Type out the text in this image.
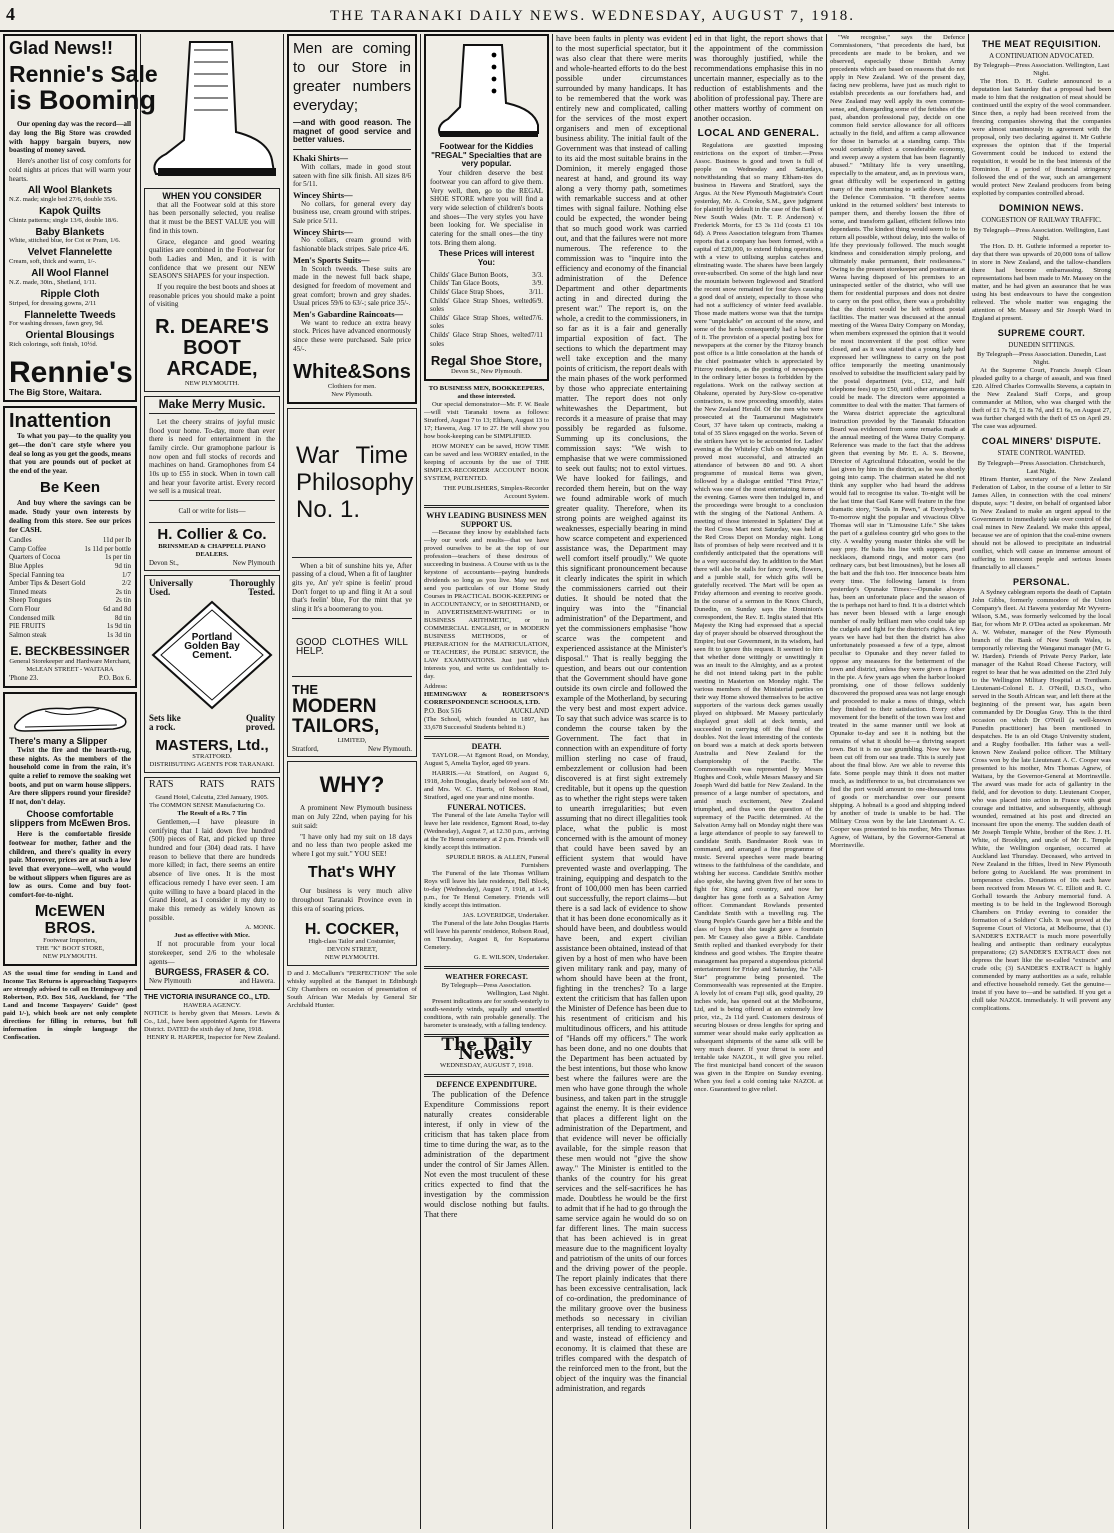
4	THE TARANAKI DAILY NEWS. WEDNESDAY, AUGUST 7, 1918.
Glad News!!
Rennie's Sale
is Booming

Our opening day was the record—all day long the Big Store was crowded with happy bargain buyers, now boasting of money saved.

Here's another list of cosy comforts for cold nights at prices that will warm your hearts.

All Wool Blankets
N.Z. made; single bed 27/6, double 35/6.
Kapok Quilts
Chintz patterns; single 13/6, double 18/6.
Baby Blankets
White, stitched blue, for Cot or Pram, 1/6.
Velvet Flannelette
Cream, soft, thick and warm, 1/-.
All Wool Flannel
N.Z. made, 30in., Shetland, 1/11.
Ripple Cloth
Striped, for dressing gowns, 2/11
Flannelette Tweeds
For washing dresses, fawn grey, 9d.
Oriental Blousings
Rich colorings, soft finish, 10½d.
Rennie's
The Big Store, Waitara.
Inattention

To what you pay—to the quality you get—the don't care style where you deal so long as you get the goods, means that you are pounds out of pocket at the end of the year.

Be Keen

And buy where the savings can be made. Study your own interests by dealing from this store. See our prices for CASH.

Candles	11d per lb
Camp Coffee	1s 11d per bottle
Quarters of Cocoa	1s per tin
Blue Apples	9d tin
Special Fanning tea	1/7
Amber Tips & Desert Gold	2/2
Tinned meats	2s tin
Sheep Tongues	2s tin
Corn Flour	6d and 8d
Condensed milk	8d tin
PIE FRUITS	1s 9d tin
Salmon steak	1s 3d tin
E. BECKBESSINGER
General Storekeeper and Hardware Merchant,
McLEAN STREET - WAITARA
'Phone 23.	P.O. Box 6.
There's many a Slipper

Twixt the fire and the hearth-rug, these nights. As the members of the household come in from the rain, it's quite a relief to remove the soaking wet boots, and put on warm house slippers. Are there slippers round your fireside? If not, don't delay.

Choose comfortable slippers from McEwen Bros.

Here is the comfortable fireside footwear for mother, father and the children, and there's quality in every pair. Moreover, prices are at such a low level that everyone—well, who would be without slippers when figures are as low as ours. Come and buy foot-comfort-for-to-night.

McEWEN BROS.
Footwear Importers,
THE "K" BOOT STORE,
NEW PLYMOUTH.
AS the usual time for sending in Land and Income Tax Returns is approaching Taxpayers are strongly advised to call on Hemingway and Robertson, P.O. Box 516, Auckland, for "The Land and Income Taxpayers' Guide" (post paid 1/-), which book are not only complete directions for filling in returns, but full information in simple language the Confiscation.
WHEN YOU CONSIDER

that all the Footwear sold at this store has been personally selected, you realise that it must be the BEST VALUE you will find in this town.

Grace, elegance and good wearing qualities are combined in the Footwear for both Ladies and Men, and it is with confidence that we present our NEW SEASON'S SHAPES for your inspection.

If you require the best boots and shoes at reasonable prices you should make a point of visiting

R. DEARE'S
BOOT
ARCADE,
NEW PLYMOUTH.
Make Merry Music.

Let the cheery strains of joyful music flood your home. To-day, more than ever there is need for entertainment in the family circle. Our gramophone parlour is now open and full stocks of records and machines on hand. Gramophones from £4 10s up to £55 in stock. When in town call and hear your favorite artist. Every record we sell is a musical treat.

Call or write for lists—
H. Collier & Co.
BRINSMEAD & CHAPPELL PIANO DEALERS.
Devon St.,	New Plymouth
Universally	Thoroughly
Used.	Tested.
Portland
Golden Bay
Cement.
Sets like	Quality
a rock.	proved.
MASTERS, Ltd.,
STRATFORD.
DISTRIBUTING AGENTS FOR TARANAKI.
RATS	RATS	RATS
Grand Hotel, Calcutta, 23rd January, 1905.
The COMMON SENSE Manufacturing Co.
The Result of a Rs. 7 Tin

Gentlemen,—I have pleasure in certifying that I laid down five hundred (500) pieces of Rat, and picked up three hundred and four (304) dead rats. I have reason to believe that there are hundreds more killed; in fact, there seems an entire absence of live ones. It is the most efficacious remedy I have ever seen. I am quite willing to have a board placed in the Grand Hotel, as I consider it my duty to make this remedy as widely known as possible.

A. MONK.
Just as effective with Mice.

If not procurable from your local storekeeper, send 2/6 to the wholesale agents—

BURGESS, FRASER & CO.
New Plymouth	and Hawera.
THE VICTORIA INSURANCE CO., LTD.
HAWERA AGENCY.
NOTICE is hereby given that Messrs. Lewis & Co., Ltd., have been appointed Agents for Hawera District. DATED the sixth day of June, 1918.
HENRY R. HARPER, Inspector for New Zealand.
Men are coming to our Store in greater numbers everyday;
—and with good reason. The magnet of good service and better values.
Khaki Shirts—

With collars, made in good stout sateen with fine silk finish. All sizes 8/6 for 5/11.

Wincey Shirts—

No collars, for general every day business use, cream ground with stripes. Sale price 5/11.

Wincey Shirts—

No collars, cream ground with fashionable black stripes. Sale price 4/6.

Men's Sports Suits—

In Scotch tweeds. These suits are made in the newest full back shape, designed for freedom of movement and great comfort; brown and grey shades. Usual prices 59/6 to 63/-; sale price 35/-.

Men's Gabardine Raincoats—

We want to reduce an extra heavy stock. Prices have advanced enormously since these were purchased. Sale price 45/-.

White&Sons
Clothiers for men.
New Plymouth.
War Time Philosophy No. 1.

When a bit of sunshine hits ye, After passing of a cloud, When a fit of laughter gits ye, An' ye'r spine is feelin' proud Don't forget to up and fling it At a soul that's feelin' blue, For the mint that ye sling it It's a boomerang to you.

GOOD CLOTHES WILL HELP.
THE
MODERN
TAILORS,
LIMITED,
Stratford,	New Plymouth.
WHY?

A prominent New Plymouth business man on July 22nd, when paying for his suit said:

"I have only had my suit on 18 days and no less than two people asked me where I got my suit." YOU SEE!

That's WHY

Our business is very much alive throughout Taranaki Province even in this era of soaring prices.

H. COCKER,
High-class Tailor and Costumier,
DEVON STREET,
NEW PLYMOUTH.
D and J. McCallum's "PERFECTION" The sole whisky supplied at the Banquet in Edinburgh City Chambers on occasion of presentation of South African War Medals by General Sir Archibald Hunter.
Footwear for the Kiddies
"REGAL" Specialties that are very popular.

Your children deserve the best footwear you can afford to give them. Very well, then, go to the REGAL SHOE STORE where you will find a very wide selection of children's boots and shoes—The very styles you have been looking for. We specialise in catering for the small ones—the tiny tots. Bring them along.

These Prices will interest You:
Childs' Glace Button Boots,	3/3.
Childs' Tan Glace Boots,	3/9.
Childs' Glace Strap Shoes,	3/11.
Childs' Glace Strap Shoes, welted soles
6/9.
Childs' Glace Strap Shoes, welted soles
7/6.
Childs' Glace Strap Shoes, welted soles
7/11
Regal Shoe Store,
Devon St., New Plymouth.
TO BUSINESS MEN, BOOKKEEPERS, and those interested.

Our special demonstrator—Mr. F. W. Beale—will visit Taranaki towns as follows: Stratford, August 7 to 13; Eltham, August 13 to 17; Hawera, Aug. 17 to 27. He will show you how book-keeping can be SIMPLIFIED.

HOW MONEY can be saved, HOW TIME can be saved and less WORRY entailed, in the keeping of accounts by the use of THE SIMPLEX-RECORDER ACCOUNT BOOK SYSTEM, PATENTED.

THE PUBLISHERS, Simplex-Recorder Account System.
WHY LEADING BUSINESS MEN SUPPORT US.

—Because they know by established facts—by our work and results—that we have proved ourselves to be at the top of our profession—teachers of these desirous of succeeding in business. A Course with us is the keystone of accountants—paying hundreds dividends so long as you live. May we not send you particulars of our Home Study Courses in PRACTICAL BOOK-KEEPING or in ACCOUNTANCY, or in SHORTHAND, or in ADVERTISEMENT-WRITING or in BUSINESS ARITHMETIC, or in COMMERCIAL ENGLISH, or in MODERN BUSINESS METHODS, or of PREPARATION for the MATRICULATION, or TEACHERS', the PUBLIC SERVICE, the LAW EXAMINATIONS. Just just which interests you, and write us confidentially to-day.

Address:
HEMINGWAY & ROBERTSON'S CORRESPONDENCE SCHOOLS, LTD.
P.O. Box 516	AUCKLAND
(The School, which founded in 1897, has 33,678 Successful Students behind it.)
DEATH.

TAYLOR.—At Egmont Road, on Monday, August 5, Amelia Taylor, aged 69 years.

HARRIS.—At Stratford, on August 6, 1918, John Douglas, dearly beloved son of Mr. and Mrs. W. C. Harris, of Robson Road, Stratford, aged one year and nine months.

FUNERAL NOTICES.

The Funeral of the late Amelia Taylor will leave her late residence, Egmont Road, to-day (Wednesday), August 7, at 12.30 p.m., arriving at the Te Henui cemetery at 2 p.m. Friends will kindly accept this intimation.

SPURDLE BROS. & ALLEN, Funeral Furnishers

The Funeral of the late Thomas William Roys will leave his late residence, Bell Block, to-day (Wednesday), August 7, 1918, at 1.45 p.m., for Te Henui Cemetery. Friends will kindly accept this intimation.

JAS. LOVERIDGE, Undertaker.

The Funeral of the late John Douglas Harris will leave his parents' residence, Robson Road, on Thursday, August 8, for Kopuatama Cemetery.

G. E. WILSON, Undertaker.
WEATHER FORECAST.
By Telegraph—Press Association.
Wellington, Last Night.

Present indications are for south-westerly to south-westerly winds, squally and unsettled conditions, with rain probable generally. The barometer is unsteady, with a falling tendency.

The Daily News.
WEDNESDAY, AUGUST 7, 1918.
DEFENCE EXPENDITURE.

The publication of the Defence Expenditure Commissions report naturally creates considerable interest, if only in view of the criticism that has taken place from time to time during the war, as to the administration of the department under the control of Sir James Allen. Not even the most truculent of these critics expected to find that the investigation by the commission would disclose nothing but faults. That there

have been faults in plenty was evident to the most superficial spectator, but it was also clear that there were merits and whole-hearted efforts to do the best possible under circumstances surrounded by many handicaps. It has to be remembered that the work was entirely new and complicated, calling for the services of the most expert organisers and men of exceptional business ability. The initial fault of the Government was that instead of calling to its aid the most suitable brains in the Dominion, it merely engaged those nearest at hand, and ground its way along a very thorny path, sometimes with remarkable success and at other times with signal failure. Nothing else could be expected, the wonder being that so much good work was carried out, and that the failures were not more numerous. The reference to the commission was to "inquire into the efficiency and economy of the financial administration of the Defence Department and other departments acting in and directed during the present war." The report is, on the whole, a credit to the commissioners, in so far as it is a fair and generally impartial exposition of fact. The sections to which the department may well take exception and the many points of criticism, the report deals with the main phases of the work performed by those who appreciate entertaining matter. The report does not only whitewashes the Department, but records it a measure of praise that may possibly be regarded as fulsome. Summing up its conclusions, the commission says: "We wish to emphasise that we were commissioned to seek out faults; not to extol virtues. We have looked for failings, and recorded them herein, but on the way we found admirable work of much greater quality. Therefore, when its strong points are weighed against its weaknesses, especially bearing in mind how scarce competent and experienced assistance was, the Department may well comfort itself proudly." We quote this significant pronouncement because it clearly indicates the spirit in which the commissioners carried out their duties. It should be noted that the inquiry was into the "financial administration" of the Department, and yet the commissioners emphasise "how scarce was the competent and experienced assistance at the Minister's disposal." That is really begging the question, and bears out our contention that the Government should have gone outside its own circle and followed the example of the Motherland, by securing the very best and most expert advice. To say that such advice was scarce is to condemn the course taken by the Government. The fact that in connection with an expenditure of forty million sterling no case of fraud, embezzlement or collusion had been discovered is at first sight extremely creditable, but it opens up the question as to whether the right steps were taken to unearth irregularities; but even assuming that no direct illegalities took place, what the public is most concerned with is the amount of money that could have been saved by an efficient system that would have prevented waste and overlapping. The training, equipping and despatch to the front of 100,000 men has been carried out successfully, the report claims—but there is a sad lack of evidence to show that it has been done economically as it should have been, and doubtless would have been, and expert civilian assistance been obtained, instead of that given by a host of men who have been given military rank and pay, many of whom should have been at the front, fighting in the trenches? To a large extent the criticism that has fallen upon the Minister of Defence has been due to his resentment of criticism and his multitudinous officers, and his attitude of "Hands off my officers." The work has been done, and no one doubts that the Department has been actuated by the best intentions, but those who know best where the failures were are the men who have gone through the whole business, and taken part in the struggle against the enemy. It is their evidence that places a different light on the administration of the Department, and that evidence will never be officially available, for the simple reason that these men would not "give the show away." The Minister is entitled to the thanks of the country for his great services and the self-sacrifices he has made. Doubtless he would be the first to admit that if he had to go through the same service again he would do so on far different lines. The main success that has been achieved is in great measure due to the magnificent loyalty and patriotism of the units of our forces and the driving power of the people. The report plainly indicates that there has been excessive centralisation, lack of co-ordination, the predominance of the military groove over the business methods so necessary in civilian enterprises, all tending to extravagance and waste, instead of efficiency and economy. It is claimed that these are trifles compared with the despatch of the reinforced men to the front, but the object of the inquiry was the financial administration, and regards

ed in that light, the report shows that the appointment of the commission was thoroughly justified, while the recommendations emphasise this in no uncertain manner, especially as to the reduction of establishments and the abolition of professional pay. There are other matters worthy of comment on another occasion.

LOCAL AND GENERAL.

Regulations are gazetted imposing restrictions on the export of timber.—Press Assoc. Business is good and town is full of people on Wednesday and Saturdays, notwithstanding that so many Eltham-ites do business in Hawera and Stratford, says the Argus. At the New Plymouth Magistrate's Court yesterday, Mr. A. Crooke, S.M., gave judgment for plaintiff by default in the case of the Bank of New South Wales (Mr. T. P. Anderson) v. Frederick Morris, for £3 3s 11d (costs £1 10s 6d). A Press Association telegram from Thames reports that a company has been formed, with a capital of £20,000, to extend fishing operations, with a view to utilising surplus catches and eliminating waste. The shares have been largely over-subscribed. On some of the high land near the mountain between Inglewood and Stratford the recent snow remained for four days causing a good deal of anxiety, especially to those who had not a sufficiency of winter feed available. Those made matters worse was that the turnips were "unpickable" on account of the snow, and some of the herds consequently had a bad time of it. The provision of a special posting box for newspapers at the corner by the Fitzroy branch post office is a little consolation at the hands of the chief postmaster which is appreciated by Fitzroy residents, as the posting of newspapers in the ordinary letter boxes is forbidden by the regulations. Work on the railway section at Ohakune, operated by Jury-Slow co-operative contractors, is now proceeding smoothly, states the New Zealand Herald. Of the men who were prosecuted at the Taumarunui Magistrate's Court, 37 have taken up contracts, making a total of 35 Slavs engaged on the works. Seven of the strikers have yet to be accounted for. Ladies' evening at the Whiteley Club on Monday night proved most successful, and attracted an attendance of between 80 and 90. A short programme of musical items was given, followed by a dialogue entitled "First Prize," which was one of the most entertaining items of the evening. Games were then indulged in, and the proceedings were brought to a conclusion with the singing of the National Anthem. A meeting of those interested in Splatters' Day at the Red Cross Mart next Saturday, was held at the Red Cross Depot on Monday night. Long lists of promises of help were received and it is confidently anticipated that the operations will be a very successful day. In addition to the Mart there will also be stalls for fancy work, flowers, and a jumble stall, for which gifts will be gratefully received. The Mart will be open as Friday afternoon and evening to receive goods. In the course of a sermon in the Knox Church, Dunedin, on Sunday says the Dominion's correspondent, the Rev. E. Inglis stated that His Majesty the King had expressed that a special day of prayer should be observed throughout the Empire; but our Government, in its wisdom, had seen fit to ignore this request. It seemed to him that whether done wittingly or unwittingly it was an insult to the Almighty, and as a protest he did not intend taking part in the public meeting in Masterton on Monday night. The various members of the Ministerial parties on their way Home showed themselves to be active supporters of the various deck games usually played on shipboard. Mr Massey particularly displayed great skill at deck tennis, and succeeded in carrying off the final of the doubles. Not the least interesting of the contests on board was a match at deck sports between Australia and New Zealand for the championship of the Pacific. The Commonwealth was represented by Messrs Hughes and Cook, while Messrs Massey and Sir Joseph Ward did battle for New Zealand. In the presence of a large number of spectators, and amid much excitement, New Zealand triumphed, and thus won the question of the supremacy of the Pacific determined. At the Salvation Army hall on Monday night there was a large attendance of people to say farewell to candidate Smith. Bandmaster Rook was in command, and arranged a fine programme of music. Several speeches were made bearing witness to the faithfulness of the candidate, and wishing her success. Candidate Smith's mother also spoke, she having given five of her sons to fight for King and country, and now her daughter has gone forth as a Salvation Army officer. Commandant Rowlands presented Candidate Smith with a travelling rug. The Young People's Guards gave her a Bible and the class of boys that she taught gave a fountain pen. Mr Causey also gave a Bible. Candidate Smith replied and thanked everybody for their kindness and good wishes. The Empire theatre management has prepared a stupendous pictorial entertainment for Friday and Saturday, the "All-Star" programme being presented. The Commonwealth was represented at the Empire. A lovely lot of cream Fuji silk, good quality, 29 inches wide, has opened out at the Melbourne, Ltd, and is being offered at an extremely low price, viz., 2s 11d yard. Customers desirous of securing blouses or dress lengths for spring and summer wear should make early application as subsequent shipments of the same silk will be very much dearer. If your throat is sore and irritable take NAZOL, it will give you relief. The first municipal band concert of the season was given in the Empire on Sunday evening. When you feel a cold coming take NAZOL at once. Guaranteed to give relief.

"We recognise," says the Defence Commissioners, "that precedents die hard, but precedents are made to be broken, and we observed, especially those British Army precedents which are based on reasons that do not apply in New Zealand. We of the present day, facing new problems, have just as much right to establish precedents as our forefathers had, and New Zealand may well apply its own common-sense, and, disregarding some of the fetishes of the past, abandon professional pay, decide on one common field service allowance for all officers actually in the field, and affirm a camp allowance for those in barracks at a standing camp. This would certainly effect a considerable economy, and sweep away a system that has been flagrantly abused." "Military life is very unsettling, especially to the amateur, and, as in previous wars, great difficulty will be experienced in getting many of the men returning to settle down," states the Defence Commission. "It therefore seems unkind in the returned soldiers' best interests to pamper them, and thereby loosen the fibre of some, and transform gallant, efficient fellows into dependants. The kindest thing would seem to be to return all possible, without delay, into the walks of life they previously followed. The much sought kindness and consideration simply prolong, and ultimately make permanent, their restlessness." Owing to the present storekeeper and postmaster at Warea having disposed of his premises to an uninspected settler of the district, who will use them for residential purposes and does not desire to carry on the post office, there was a probability that the district would be left without postal facilities. The matter was discussed at the annual meeting of the Warea Dairy Company on Monday, when members expressed the opinion that it would be most inconvenient if the post office were closed, and as it was stated that a young lady had expressed her willingness to carry on the post office temporarily the meeting unanimously resolved to subsidise the insufficient salary paid by the postal department (viz., £12, and half telephone fees) up to £50, until other arrangements could be made. The directors were appointed a committee to deal with the matter. That farmers of the Warea district appreciate the agricultural instruction provided by the Taranaki Education Board was evidenced from some remarks made at the annual meeting of the Warea Dairy Company. Reference was made to the fact that the address given that evening by Mr. E. A. S. Browne, Director of Agricultural Education, would be the last given by him in the district, as he was shortly going into camp. The chairman stated he did not think any supplier who had heard the address would fail to recognise its value. To-night will be the last time that Gail Kane will feature in the fine dramatic story, "Souls in Pawn," at Everybody's. To-morrow night the popular and vivacious Olive Thomas will star in "Limousine Life." She takes the part of a guileless country girl who goes to the city. A wealthy young master thinks she will be easy prey. He baits his line with suppers, pearl necklaces, diamond rings, and motor cars (no ordinary cars, but best limousines), but he loses all the bait and the fish too. Her innocence beats him every time. The following lament is from yesterday's Opunake Times:—Opunake always has, been an unfortunate place and the season of the is perhaps not hard to find. It is a district which has never been blessed with a large enough number of really brilliant men who could take up the cudgels and fight for the district's rights. A few years we have had but then the district has also unfortunately possessed a few of a type, almost peculiar to Opunake and they never failed to oppose any measures for the betterment of the town and district, unless they were given a finger in the pie. A few years ago when the harbor looked promising, one of those fellows suddenly discovered the proposed area was not large enough and proceeded to make a mess of things, which they finished to their satisfaction. Every other movement for the benefit of the town was lost and treated in the same manner until we look at Opunake to-day and see it is nothing but the remains of what it should be—a thriving seaport town. But it is no use grumbling. Now we have been cut off from our sea trade. This is surely just about the final blow. Are we able to reverse this fate. Some people may think it does not matter much, as indifference to us, but circumstances we find the port would amount to one-thousand tons of goods or merchandise over our present shipping. A hobnail is a good and shipping indeed by another of trade is unable to be had. The Military Cross won by the late Lieutenant A. C. Cooper was presented to his mother, Mrs Thomas Agnew, of Waitara, by the Governor-General at Morrinsville.

THE MEAT REQUISITION.
A CONTINUATION ADVOCATED.
By Telegraph—Press Association. Wellington, Last Night.

The Hon. D. H. Guthrie announced to a deputation last Saturday that a proposal had been made to him that the resignation of meat should be continued until the expiry of the wool commandeer. Since then, a reply had been received from the freezing companies showing that the companies were almost unanimously in agreement with the proposal, only two declaring against it. Mr Guthrie expresses the opinion that if the Imperial Government could be induced to extend the requisition, it would be in the best interests of the Dominion. If a period of financial stringency followed the end of the war, such an arrangement would protect New Zealand producers from being exploited by companies controlled abroad.

DOMINION NEWS.
CONGESTION OF RAILWAY TRAFFIC.
By Telegraph—Press Association. Wellington, Last Night.

The Hon. D. H. Guthrie informed a reporter to-day that there was upwards of 20,000 tons of tallow in store in New Zealand, and the tallow-chandlers there had become embarrassing. Strong representations had been made to Mr. Massey on the matter, and he had given an assurance that he was using his best endeavours to have the congestion relieved. The whole matter was engaging the attention of Mr. Massey and Sir Joseph Ward in England at present.

SUPREME COURT.
DUNEDIN SITTINGS.
By Telegraph—Press Association. Dunedin, Last Night.

At the Supreme Court, Francis Joseph Cloan pleaded guilty to a charge of assault, and was fined £20. Alfred Charles Cornwallis Stevens, a captain in the New Zealand Staff Corps, and group commander at Milton, who was charged with the theft of £1 7s 7d, £1 8s 7d, and £1 6s, on August 27, was further charged with the theft of £5 on April 29. The case was adjourned.

COAL MINERS' DISPUTE.
STATE CONTROL WANTED.
By Telegraph—Press Association. Christchurch, Last Night.

Hiram Hunter, secretary of the New Zealand Federation of Labor, in the course of a letter to Sir James Allen, in connection with the coal miners' dispute, says: "I desire, on behalf of organised labor in New Zealand to make an urgent appeal to the Government to immediately take over control of the coal mines in New Zealand. We make this appeal, because we are of opinion that the coal-mine owners should not be allowed to precipitate an industrial conflict, which will cause an immense amount of suffering to innocent people and serious losses financially to all classes."

PERSONAL.

A Sydney cablegram reports the death of Captain John Gibbs, formerly commodore of the Union Company's fleet. At Hawera yesterday Mr Wyvern-Wilson, S.M., was formerly welcomed by the local Bar, for whom Mr P. O'Dea acted as spokesman. Mr A. W. Webster, manager of the New Plymouth branch of the Bank of New South Wales, is temporarily relieving the Wanganui manager (Mr G. W. Harden). Friends of Private Percy Parker, late manager of the Kahui Road Cheese Factory, will regret to hear that he was admitted on the 23rd July to the Wellington Military Hospital at Trentham. Lieutenant-Colonel E. J. O'Neill, D.S.O., who served in the South African war, and left there at the beginning of the present war, has again been commanded by Dr Douglas Gray. This is the third occasion on which Dr O'Neill (a well-known Punedin practitioner) has been mentioned in despatches. He is an old Otago University student, and a Rugby footballer. His father was a well-known New Zealand police officer. The Military Cross won by the late Lieutenant A. C. Cooper was presented to his mother, Mrs Thomas Agnew, of Waitara, by the Governor-General at Morrinsville. The award was made for acts of gallantry in the field, and for devotion to duty. Lieutenant Cooper, who was placed into action in France with great courage and initiative, and subsequently, although wounded, remained at his post and directed an incessant fire upon the enemy. The sudden death of Mr Joseph Temple White, brother of the Rev. J. H. White, of Brooklyn, and uncle of Mr E. Temple White, the Wellington organiser, occurred at Auckland last Thursday. Deceased, who arrived in New Zealand in the fifties, lived in New Plymouth before going to Auckland. He was prominent in temperance circles. Donations of 10s each have been received from Messrs W. C. Elliott and R. C. Gorhall towards the Anbury memorial fund. A meeting is to be held in the Inglewood Borough Chambers on Friday evening to consider the formation of a Soldiers' Club. It was proved at the Supreme Court of Victoria, at Melbourne, that (1) SANDER'S EXTRACT is much more powerfully healing and antiseptic than ordinary eucalyptus preparations; (2) SANDER'S EXTRACT does not depress the heart like the so-called "extracts" and crude oils; (3) SANDER'S EXTRACT is highly commended by many authorities as a safe, reliable and effective household remedy. Get the genuine—insist if you have to—and be satisfied. If you get a chill take NAZOL immediately. It will prevent any complications.
